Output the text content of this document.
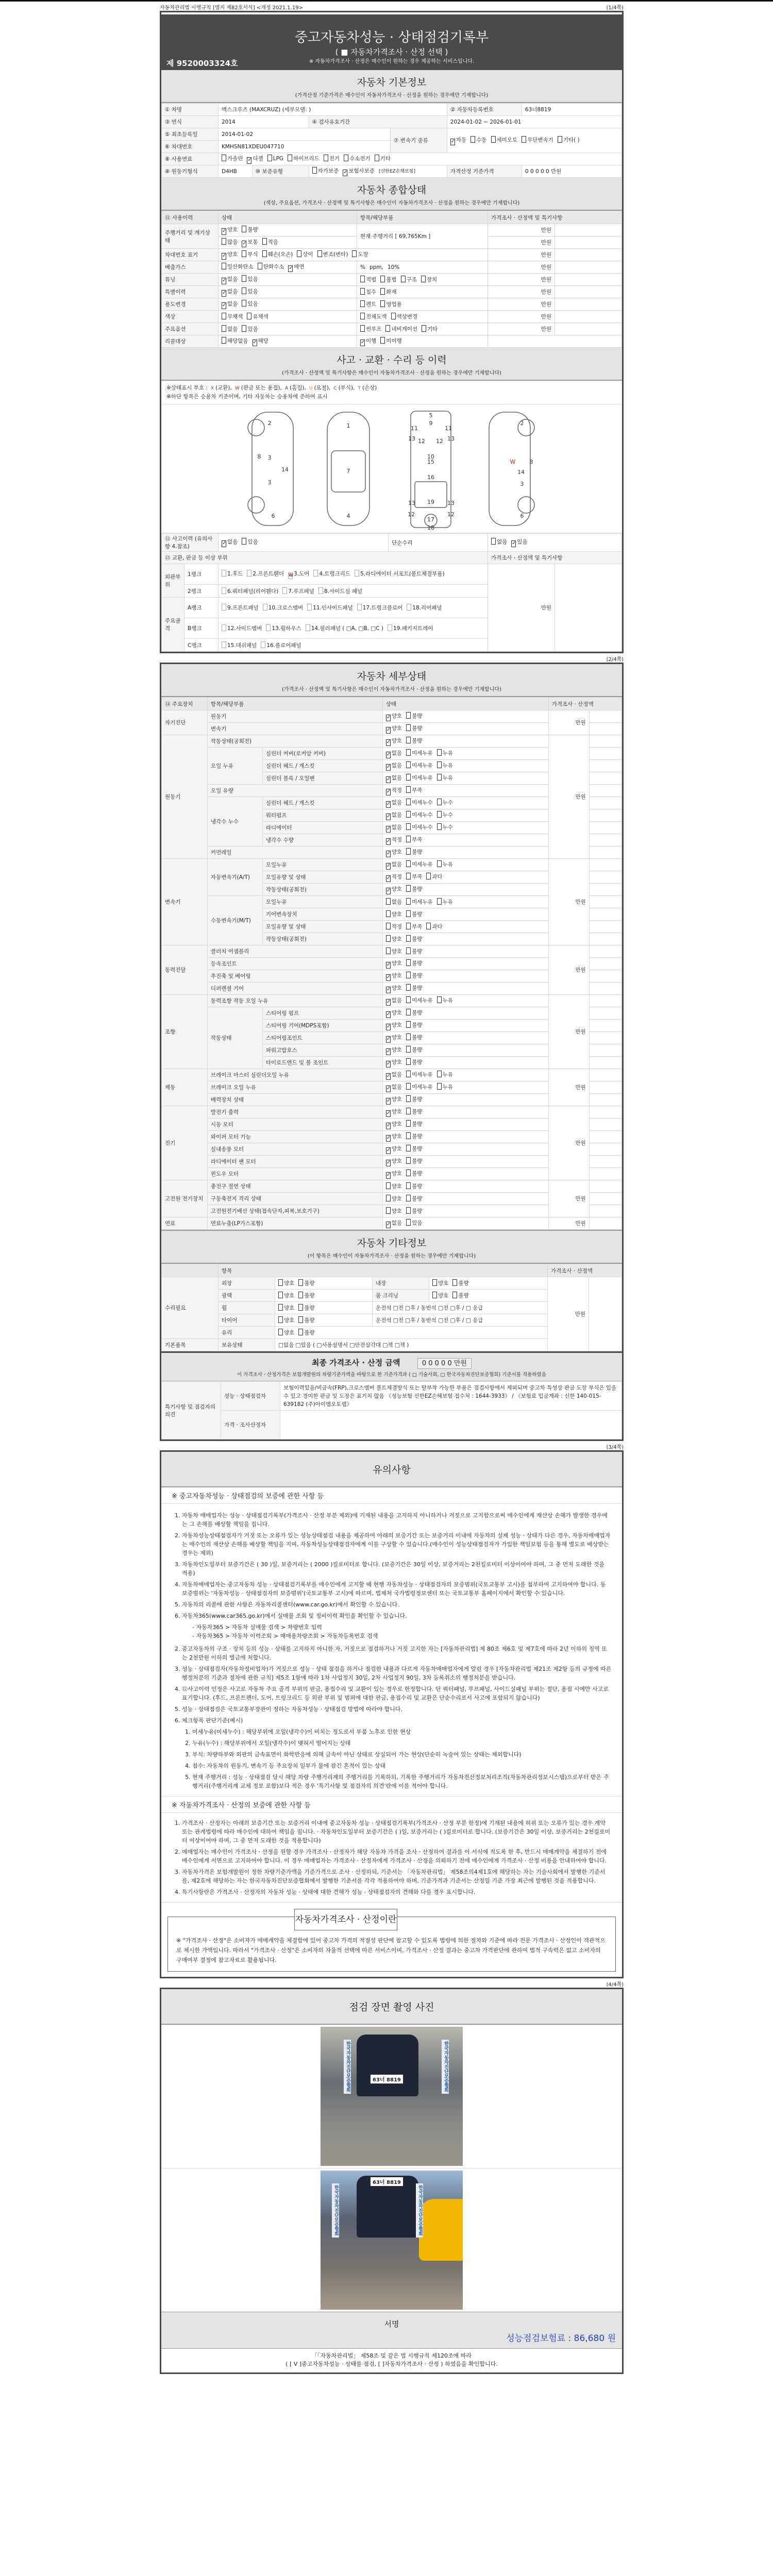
자동차관리법 시행규칙 [별지 제82호서식] <개정 2021.1.19>	(1/4쪽)
중고자동차성능 · 상태점검기록부
( ■ 자동차가격조사 · 산정 선택 )
※ 자동차가격조사 · 산정은 매수인이 원하는 경우 제공하는 서비스입니다.
제 9520003324호
자동차 기본정보
(가격산정 기준가격은 매수인이 자동차가격조사 · 산정을 원하는 경우에만 기재합니다)
① 차명	맥스크루즈 (MAXCRUZ) (세부모델: )				② 자동차등록번호	63너8819
③ 연식	2014		④ 검사유효기간		2024-01-02 ~ 2026-01-01	
⑤ 최초등록일	2014-01-02			⑦ 변속기 종류	✓ 자동 수동 세미오토 무단변속기 기타( )	
⑥ 차대번호	KMHSN81XDEU047710					
⑧ 사용연료	가솔린 ✓ 디젤 LPG 하이브리드 전기 수소전기 기타					
⑨ 원동기형식	D4HB	⑩ 보증유형	자가보증 ✓ 보험사보증 [신한EZ손해보험]		가격산정 기준가격	0 0 0 0 0 만원
자동차 종합상태
(색상, 주요옵션, 가격조사 · 산정액 및 특기사항은 매수인이 자동차가격조사 · 산정을 원하는 경우에만 기재합니다)
⑪ 사용이력	상태	항목/해당부품	가격조사 · 산정액 및 특기사항	
주행거리 및 계기상태	✓ 양호 불량	현재 주행거리 [ 69,765Km ]	만원	
	많음 ✓ 보통 적음		만원	
차대번호 표기	✓ 양호 부식 훼손(오손) 상이 변조(변타) 도말		만원	
배출가스	일산화탄소 탄화수소 ✓ 매연	% ppm, 10%	만원	
튜닝	✓ 없음 있음	적법 불법 구조 장치	만원	
특별이력	✓ 없음 있음	침수 화재	만원	
용도변경	✓ 없음 있음	렌트 영업용	만원	
색상	무채색 유채색	전체도색 색상변경	만원	
주요옵션	없음 있음	썬루프 네비게이션 기타	만원	
리콜대상	해당없음 ✓ 해당	✓ 이행 미이행		
사고 · 교환 · 수리 등 이력
(가격조사 · 산정액 및 특기사항은 매수인이 자동차가격조사 · 산정을 원하는 경우에만 기재합니다)
※상태표시 부호 : X (교환), W (판금 또는 용접), A (흠집), U (요철), C (부식), T (손상)
※하단 항목은 승용차 기준이며, 기타 자동차는 승용차에 준하여 표시
2
8 3
3
14
6
1
7
4
5
9
11	11
13	13
12 12
10
15
16
13	13
19
12	12
17
18
2
8
14
3
6
W
⑫ 사고이력 (유의사항 4.참조)		✓ 없음 있음	단순수리	없음 ✓ 있음	
⑬ 교환, 판금 등 이상 부위				가격조사 · 산정액 및 특기사항	
외판부위	1랭크	1.후드 2.프론트휀더 W3.도어 4.트렁크리드 5.라디에이터 서포트(볼트체결부품)		만원	
	2랭크	6.쿼터패널(리어휀다) 7.루프패널 8.사이드실 패널			
주요골격	A랭크	9.프론트패널 10.크로스멤버 11.인사이드패널 17.트렁크플로어 18.리어패널			
	B랭크	12.사이드멤버 13.휠하우스 14.필러패널 ( □A, □B, □C ) 19.패키지트레이			
	C랭크	15.대쉬패널 16.플로어패널			
(2/4쪽)
자동차 세부상태
(가격조사 · 산정액 및 특기사항은 매수인이 자동차가격조사 · 산정을 원하는 경우에만 기재합니다)
⑭ 주요장치	항목/해당부품		상태	가격조사 · 산정액	
자기진단	원동기		✓ 양호 불량	만원	
	변속기		✓ 양호 불량		
원동기	작동상태(공회전)		✓ 양호 불량	만원	
	오일 누유	실린더 커버(로커암 커버)	✓ 없음 미세누유 누유		
		실린더 헤드 / 개스킷	✓ 없음 미세누유 누유		
		실린더 블록 / 오일팬	✓ 없음 미세누유 누유		
	오일 유량		✓ 적정 부족		
	냉각수 누수	실린더 헤드 / 개스킷	✓ 없음 미세누수 누수		
		워터펌프	✓ 없음 미세누수 누수		
		라디에이터	✓ 없음 미세누수 누수		
		냉각수 수량	✓ 적정 부족		
	커먼레일		✓ 양호 불량		
변속기	자동변속기(A/T)	오일누유	✓ 없음 미세누유 누유	만원	
		오일유량 및 상태	✓ 적정 부족 과다		
		작동상태(공회전)	✓ 양호 불량		
	수동변속기(M/T)	오일누유	없음 미세누유 누유		
		기어변속장치	양호 불량		
		오일유량 및 상태	적정 부족 과다		
		작동상태(공회전)	양호 불량		
동력전달	클러치 어셈블리		양호 불량	만원	
	등속조인트		✓ 양호 불량		
	추진축 및 베어링		✓ 양호 불량		
	디퍼렌셜 기어		✓ 양호 불량		
조향	동력조향 작동 오일 누유		✓ 없음 미세누유 누유	만원	
	작동상태	스티어링 펌프	✓ 양호 불량		
		스티어링 기어(MDPS포함)	✓ 양호 불량		
		스티어링조인트	✓ 양호 불량		
		파워고압호스	✓ 양호 불량		
		타이로드엔드 및 볼 조인트	✓ 양호 불량		
제동	브레이크 마스터 실린더오일 누유		✓ 없음 미세누유 누유	만원	
	브레이크 오일 누유		✓ 없음 미세누유 누유		
	배력장치 상태		✓ 양호 불량		
전기	발전기 출력		✓ 양호 불량	만원	
	시동 모터		✓ 양호 불량		
	와이퍼 모터 기능		✓ 양호 불량		
	실내송풍 모터		✓ 양호 불량		
	라디에이터 팬 모터		✓ 양호 불량		
	윈도우 모터		✓ 양호 불량		
고전원 전기장치	충전구 절연 상태		양호 불량	만원	
	구동축전지 격리 상태		양호 불량		
	고전원전기배선 상태(접속단자,피복,보호기구)		양호 불량		
연료	연료누출(LP가스포함)		✓ 없음 있음	만원	
자동차 기타정보
(이 항목은 매수인이 자동차가격조사 · 산정을 원하는 경우에만 기재합니다)
	항목				가격조사 · 산정액	
수리필요	외장	양호 불량	내장	양호 불량	만원	
	광택	양호 불량	룸 크리닝	양호 불량		
	휠	양호 불량	운전석 □전 □후 / 동반석 □전 □후 / □ 응급			
	타이어	양호 불량	운전석 □전 □후 / 동반석 □전 □후 / □ 응급			
	유리	양호 불량				
기본품목	보유상태	□없음 □있음 ( □사용설명서 □안전삼각대 □잭 □잭 )				
최종 가격조사 · 산정 금액	0 0 0 0 0 만원
이 가격조사 · 산정가격은 보험개발원의 차량기준가액을 바탕으로 한 기준가격과 ( □ 기술사회, □ 한국자동차진단보증협회) 기준서를 적용하였음
특기사항 및 점검자의 의견	성능 · 상태점검자	보험이력있음/비금속(FRP),크로스멤버 볼트체결방식 또는 탈부착 가능한 부품은 점검사항에서 제외되며 중고차 특성상 판금 도장 부식은 있을 수 있고 경미한 판금 및 도장은 표기치 않음 《성능보험 신한EZ손해보험 접수처 : 1644-3933》 / 《보험료 입금계좌 : 신한 140-015-639182 (주)아이엠오토랩》
	가격 · 조사산정자	
(3/4쪽)
유의사항
※ 중고자동차성능 · 상태점검의 보증에 관한 사항 등
1. 자동차 매매업자는 성능 · 상태점검기록부(가격조사 · 산정 부분 제외)에 기재된 내용을 고지하지 아니하거나 거짓으로 고지함으로써 매수인에게 재산상 손해가 발생한 경우에는 그 손해를 배상할 책임을 집니다.
2. 자동차성능상태점검자가 거짓 또는 오류가 있는 성능상태점검 내용을 제공하여 아래의 보증기간 또는 보증거리 이내에 자동차의 실제 성능 · 상태가 다른 경우, 자동차매매업자는 매수인의 재산상 손해를 배상할 책임을 지며, 자동차성능상태점검자에게 이를 구상할 수 있습니다.(매수인이 성능상태점검자가 가입한 책임보험 등을 통해 별도로 배상받는 경우는 제외)
3. 자동차인도일부터 보증기간은 ( 30 )일, 보증거리는 ( 2000 )킬로미터로 합니다. (보증기간은 30일 이상, 보증거리는 2천킬로미터 이상이어야 하며, 그 중 먼저 도래한 것을 적용)
4. 자동차매매업자는 중고자동차 성능 · 상태점검기록부를 매수인에게 고지할 때 현행 자동차성능 · 상태점검자의 보증범위(국토교통부 고시)를 첨부하여 고지하여야 합니다. 동 보증범위는 '자동차성능 · 상태점검자의 보증범위'(국토교통부 고시)에 따르며, 법제처 국가법령정보센터 또는 국토교통부 홈페이지에서 확인할 수 있습니다.
5. 자동차의 리콜에 관한 사항은 자동차리콜센터(www.car.go.kr)에서 확인할 수 있습니다.
6. 자동차365(www.car365.go.kr)에서 실매물 조회 및 정비이력 확인을 확인할 수 있습니다.
- 자동차365 > 자동차 실매물 검색 > 차량번호 입력
- 자동차365 > 자동차 이력조회 > 매매용차량조회 > 자동차등록번호 검색
2. 중고자동차의 구조 · 장치 등의 성능 · 상태를 고지하지 아니한 자, 거짓으로 점검하거나 거짓 고지한 자는 [자동차관리법] 제 80조 제6호 및 제7호에 따라 2년 이하의 징역 또는 2천만원 이하의 벌금에 처합니다.
3. 성능 · 상태점검자(자동차정비업자)가 거짓으로 성능 · 상태 점검을 하거나 점검한 내용과 다르게 자동차매매업자에게 알린 경우 [자동차관리법 제21조 제2항 등의 규정에 따른 행정처분의 기준과 절차에 관한 규칙] 제5조 1항에 따라 1차 사업정지 30일, 2차 사업정지 90일, 3차 등록취소의 행정처분을 받습니다.
4. ⑫사고이력 인정은 사고로 자동차 주요 골격 부위의 판금, 용접수리 및 교환이 있는 경우로 한정합니다. 단 쿼터패널, 루프패널, 사이드실패널 부위는 절단, 용접 시에만 사고로 표기합니다. (후드, 프론트펜더, 도어, 트렁크리드 등 외판 부위 및 범퍼에 대한 판금, 용접수리 및 교환은 단순수리로서 사고에 포함되지 않습니다)
5. 성능 · 상태점검은 국토교통부장관이 정하는 자동차성능 · 상태점검 방법에 따라야 합니다.
6. 체크항목 판단기준(예시)
1. 미세누유(미세누수) : 해당부위에 오일(냉각수)이 비치는 정도로서 부품 노후로 인한 현상
2. 누유(누수) : 해당부위에서 오일(냉각수)이 맺혀서 떨어지는 상태
3. 부식: 차량하부와 외판의 금속표면이 화학반응에 의해 금속이 아닌 상태로 상실되어 가는 현상(단순히 녹슬어 있는 상태는 제외합니다)
4. 침수: 자동차의 원동기, 변속기 등 주요장치 일부가 물에 잠긴 흔적이 있는 상태
5. 현재 주행거리 : 성능 · 상태점검 당시 해당 차량 주행거리계의 주행거리를 기록하되, 기록한 주행거리가 자동차전산정보처리조직(자동차관리정보시스템)으로부터 받은 주행거리(주행거리계 교체 정보 포함)보다 적은 경우 '특기사항 및 점검자의 의견'란에 이를 적어야 합니다.
※ 자동차가격조사 · 산정의 보증에 관한 사항 등
1. 가격조사 · 산정자는 아래의 보증기간 또는 보증거리 이내에 중고자동차 성능 · 상태점검기록부(가격조사 · 산정 부분 한정)에 기재된 내용에 허위 또는 오류가 있는 경우 계약 또는 관계법령에 따라 매수인에 대하여 책임을 집니다. · 자동차인도일부터 보증기간은 ( )일, 보증거리는 ( )킬로미터로 합니다. (보증기간은 30일 이상, 보증거리는 2천킬로미터 이상이어야 하며, 그 중 먼저 도래한 것을 적용합니다)
2. 매매업자는 매수인이 가격조사 · 산정을 원할 경우 가격조사 · 산정자가 해당 자동차 가격을 조사 · 산정하여 결과를 이 서식에 적도록 한 후, 반드시 매매계약을 체결하기 전에 매수인에게 서면으로 고지하여야 합니다. 이 경우 매매업자는 가격조사 · 산정자에게 가격조사 · 산정을 의뢰하기 전에 매수인에게 가격조사 · 산정 비용을 안내하여야 합니다.
3. 자동차가격은 보험개발원이 정한 차량기준가액을 기준가격으로 조사 · 산정하되, 기준서는 「자동차관리법」 제58조의4제1호에 해당하는 자는 기술사회에서 발행한 기준서를, 제2호에 해당하는 자는 한국자동차진단보증협회에서 발행한 기준서를 각각 적용하여야 하며, 기준가격과 기준서는 산정일 기준 가장 최근에 발행된 것을 적용합니다.
4. 특기사항란은 가격조사 · 산정자의 자동차 성능 · 상태에 대한 견해가 성능 · 상태점검자의 견해와 다를 경우 표시합니다.
자동차가격조사 · 산정이란
※ "가격조사 · 산정"은 소비자가 매매계약을 체결함에 있어 중고차 가격의 적절성 판단에 참고할 수 있도록 법령에 의한 절차와 기준에 따라 전문 가격조사 · 산정인이 객관적으로 제시한 가액입니다. 따라서 "가격조사 · 산정"은 소비자의 자율적 선택에 따른 서비스이며, 가격조사 · 산정 결과는 중고차 가격판단에 관하여 법적 구속력은 없고 소비자의 구매여부 결정에 참고자료로 활용됩니다.
(4/4쪽)
점검 장면 촬영 사진
63너 8819
한국자동차진단보증협회	한국자동차진단보증협회
63너 8819
한국자동차진단보증협회	한국자동차진단보증협회
서명
성능점검보험료 : 86,680 원
「「자동차관리법」 제58조 및 같은 법 시행규칙 제120조에 따라
( [ V ]중고자동차성능 · 상태를 점검, [ ]자동차가격조사 · 산정 ) 하였음을 확인합니다.
